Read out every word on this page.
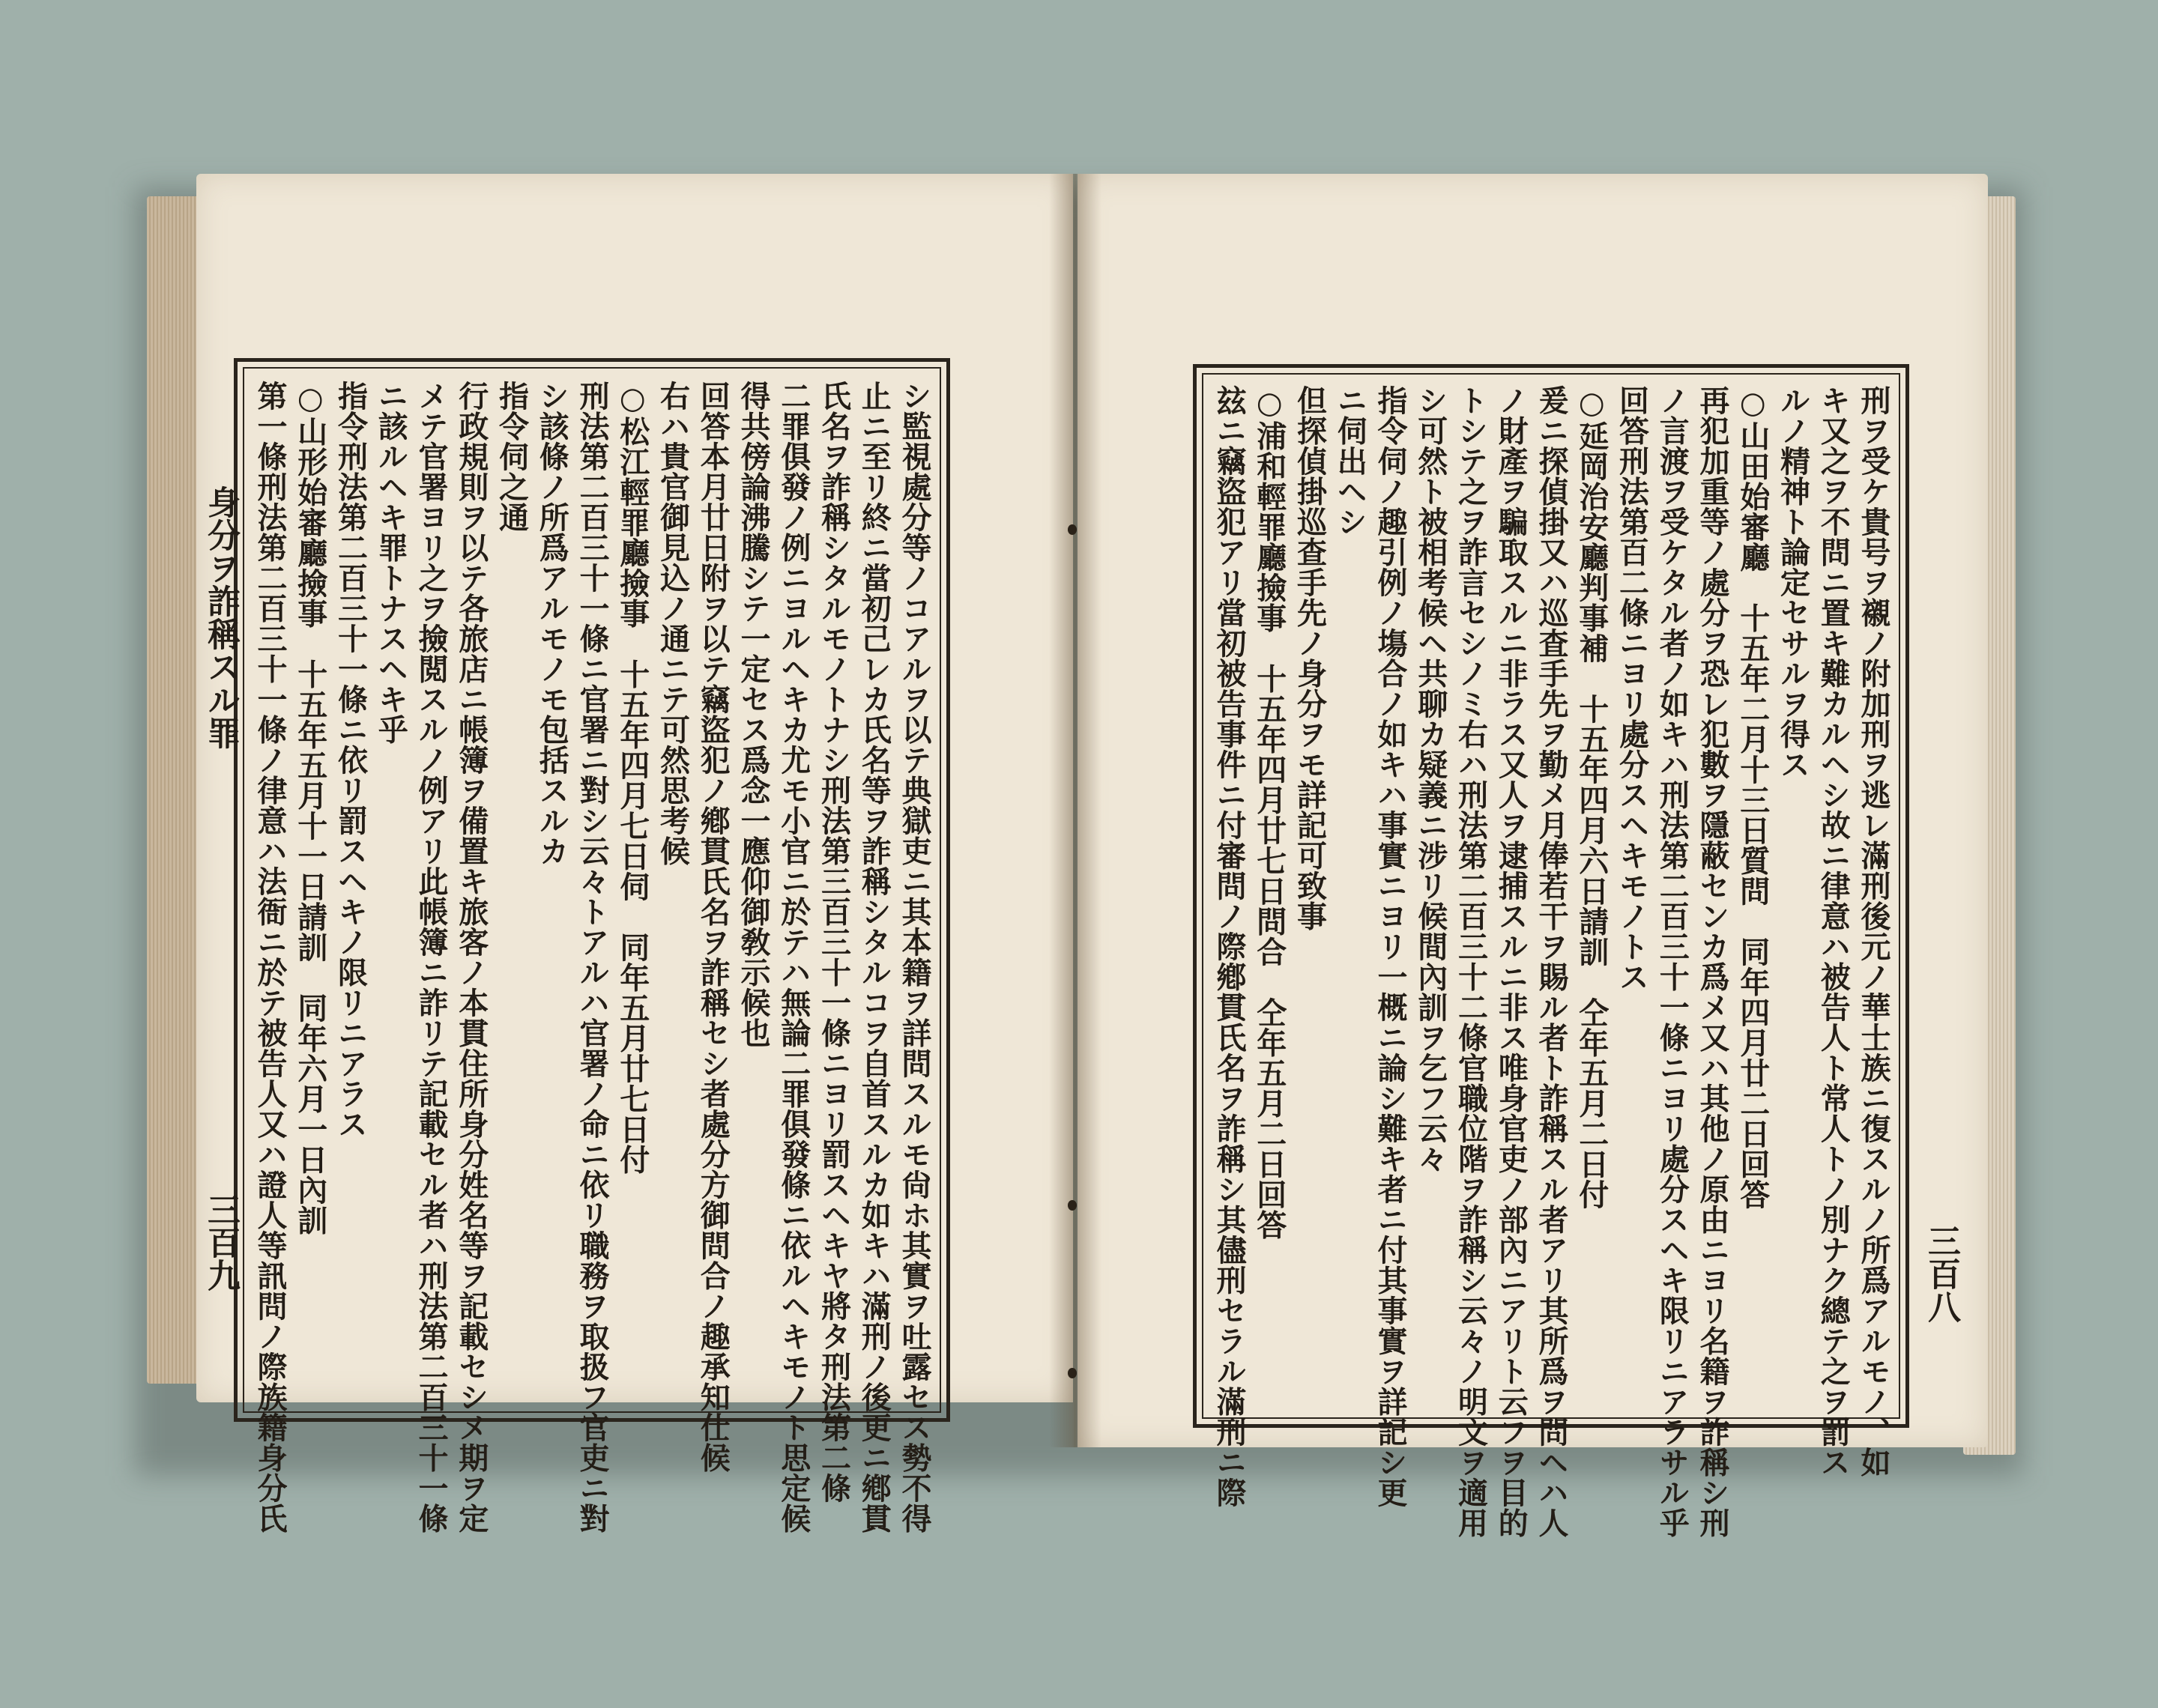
身分ヲ詐稱スル罪
三百九	三百八
シ監視處分等ノコアルヲ以テ典獄吏ニ其本籍ヲ詳問スルモ尙ホ其實ヲ吐露セス勢不得
止ニ至リ終ニ當初己レカ氏名等ヲ詐稱シタルコヲ自首スルカ如キハ滿刑ノ後更ニ鄕貫
氏名ヲ詐稱シタルモノトナシ刑法第三百三十一條ニヨリ罰スヘキヤ將タ刑法第二條
二罪俱發ノ例ニヨルヘキカ尤モ小官ニ於テハ無論二罪俱發條ニ依ルヘキモノト思定候
得共傍論沸騰シテ一定セス爲念一應仰御敎示候也
回答本月廿日附ヲ以テ竊盜犯ノ鄕貫氏名ヲ詐稱セシ者處分方御問合ノ趣承知仕候
右ハ貴官御見込ノ通ニテ可然思考候
○松江輕罪廳撿事　十五年四月七日伺　同年五月廿七日付
刑法第二百三十一條ニ官署ニ對シ云々トアルハ官署ノ命ニ依リ職務ヲ取扱フ官吏ニ對
シ該條ノ所爲アルモノモ包括スルカ
指令伺之通
行政規則ヲ以テ各旅店ニ帳簿ヲ備置キ旅客ノ本貫住所身分姓名等ヲ記載セシメ期ヲ定
メテ官署ヨリ之ヲ撿閲スルノ例アリ此帳簿ニ詐リテ記載セル者ハ刑法第二百三十一條
ニ該ルヘキ罪トナスヘキ乎
指令刑法第二百三十一條ニ依リ罰スヘキノ限リニアラス
○山形始審廳撿事　十五年五月十一日請訓　同年六月一日內訓
第一條刑法第二百三十一條ノ律意ハ法衙ニ於テ被告人又ハ證人等訊問ノ際族籍身分氏	刑ヲ受ケ貴号ヲ襯ノ附加刑ヲ逃レ滿刑後元ノ華士族ニ復スルノ所爲アルモノ、如
キ又之ヲ不問ニ置キ難カルヘシ故ニ律意ハ被告人ト常人トノ別ナク總テ之ヲ罰ス
ルノ精神ト論定セサルヲ得ス
○山田始審廳　十五年二月十三日質問　同年四月廿二日回答
再犯加重等ノ處分ヲ恐レ犯數ヲ隱蔽センカ爲メ又ハ其他ノ原由ニヨリ名籍ヲ詐稱シ刑
ノ言渡ヲ受ケタル者ノ如キハ刑法第二百三十一條ニヨリ處分スヘキ限リニアラサル乎
回答刑法第百二條ニヨリ處分スヘキモノトス
○延岡治安廳判事補　十五年四月六日請訓　仝年五月二日付
爰ニ探偵掛又ハ巡査手先ヲ勤メ月俸若干ヲ賜ル者ト詐稱スル者アリ其所爲ヲ問ヘハ人
ノ財產ヲ騙取スルニ非ラス又人ヲ逮捕スルニ非ス唯身官吏ノ部內ニアリト云フヲ目的
トシテ之ヲ詐言セシノミ右ハ刑法第二百三十二條官職位階ヲ詐稱シ云々ノ明文ヲ適用
シ可然ト被相考候ヘ共聊カ疑義ニ涉リ候間內訓ヲ乞フ云々
指令伺ノ趣引例ノ塲合ノ如キハ事實ニヨリ一概ニ論シ難キ者ニ付其事實ヲ詳記シ更
ニ伺出ヘシ
但探偵掛巡查手先ノ身分ヲモ詳記可致事
○浦和輕罪廳撿事　十五年四月廿七日問合　仝年五月二日回答
玆ニ竊盜犯アリ當初被告事件ニ付審問ノ際鄕貫氏名ヲ詐稱シ其儘刑セラル滿刑ニ際
